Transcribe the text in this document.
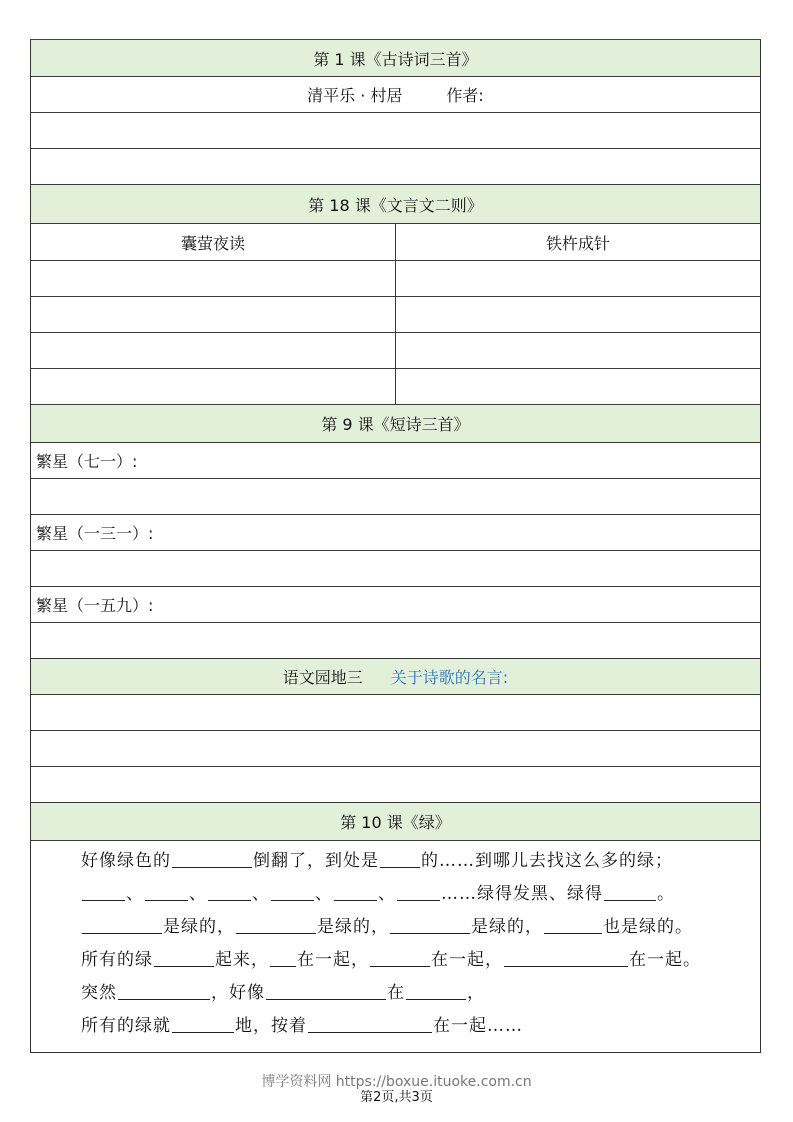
第 1 课《古诗词三首》
清平乐 · 村居	作者:
第 18 课《文言文二则》
囊萤夜读	铁杵成针
第 9 课《短诗三首》
繁星（七一）:
繁星（一三一）:
繁星（一五九）:
语文园地三 关于诗歌的名言:
第 10 课《绿》
好像绿色的	倒翻了，到处是 的……到哪儿去找这么多的绿；
、	、	、	、	、	……绿得发黑、绿得	。
是绿的，	是绿的，	是绿的，	也是绿的。
所有的绿	起来， 在一起，	在一起，	在一起。
突然	，好像	在	，
所有的绿就	地，按着	在一起……
博学资料网 https://boxue.ituoke.com.cn
第2页,共3页
